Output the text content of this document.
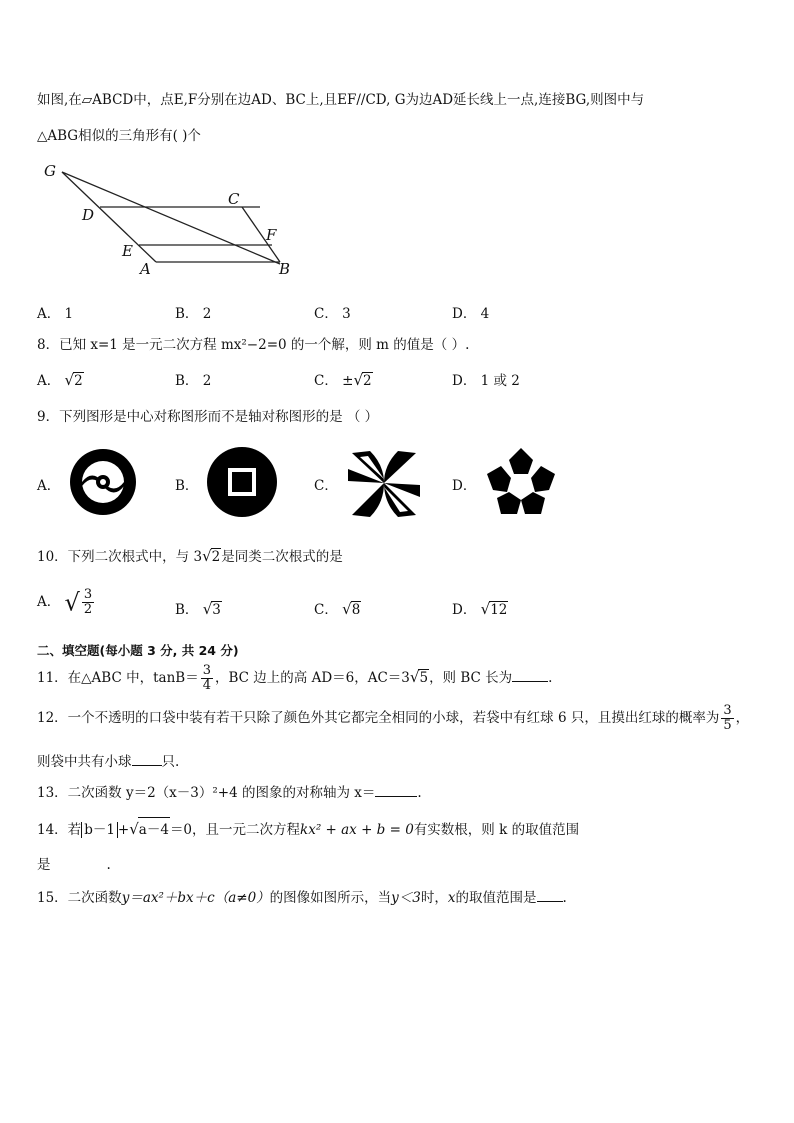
如图,在▱ABCD中，点E,F分别在边AD、BC上,且EF//CD, G为边AD延长线上一点,连接BG,则图中与
△ABG相似的三角形有( )个
G
C
D
F
E
A	B
A． 1	B． 2	C． 3	D． 4
8．已知 x=1 是一元二次方程 mx²−2=0 的一个解，则 m 的值是（ ）.
A． √2	B． 2	C． ±√2	D． 1 或 2
9．下列图形是中心对称图形而不是轴对称图形的是 （ ）
A．	B．	C．	D．
10．下列二次根式中，与 3√2是同类二次根式的是
A． √ $\frac{3}{2}$	B． √3	C． √8	D． √12
二、填空题(每小题 3 分, 共 24 分)
11．在△ABC 中，$\tan B= \frac{3}{4}$ ，BC 边上的高 AD＝6，AC＝3√5，则 BC 长为	.
12．一个不透明的口袋中装有若干只除了颜色外其它都完全相同的小球，若袋中有红球 6 只，且摸出红球的概率为 $\frac{3}{5}$ ，
则袋中共有小球 只.
13．二次函数 y＝2（x－3）²+4 的图象的对称轴为 x＝	.
14．若 b－1 +√a－4＝0，且一元二次方程kx² + ax + b = 0有实数根，则 k 的取值范围
是	.
15．二次函数y＝ax²＋bx＋c（a≠0）的图像如图所示，当y＜3时，x的取值范围是 .
